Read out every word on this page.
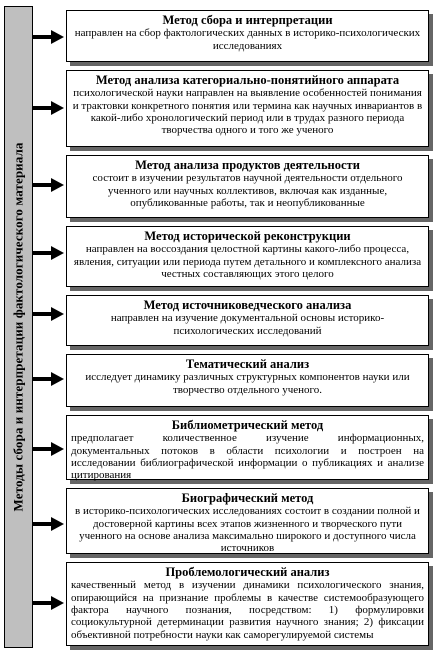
Методы сбора и интерпретации фактологического материала
Метод сбора и интерпретации
направлен на сбор фактологических данных в историко-психологических исследованиях
Метод анализа категориально-понятийного аппарата
психологической науки направлен на выявление особенностей понимания и трактовки конкретного понятия или термина как научных инвариантов в какой-либо хронологический период или в трудах разного периода творчества одного и того же ученого
Метод анализа продуктов деятельности
состоит в изучении результатов научной деятельности отдельного ученного или научных коллективов, включая как изданные, опубликованные работы, так и неопубликованные
Метод исторической реконструкции
направлен на воссоздания целостной картины какого-либо процесса, явления, ситуации или периода путем детального и комплексного анализа честных составляющих этого целого
Метод источниковедческого анализа
направлен на изучение документальной основы историко-психологических исследований
Тематический анализ
исследует динамику различных структурных компонентов науки или творчество отдельного ученого.
Библиометрический метод
предполагает количественное изучение информационных, документальных потоков в области психологии и построен на исследовании библиографической информации о публикациях и анализе цитирования
Биографический метод
в историко-психологических исследованиях состоит в создании полной и достоверной картины всех этапов жизненного и творческого пути ученного на основе анализа максимально широкого и доступного числа источников
Проблемологический анализ
качественный метод в изучении динамики психологического знания, опирающийся на признание проблемы в качестве системообразующего фактора научного познания, посредством: 1) формулировки социокультурной детерминации развития научного знания; 2) фиксации объективной потребности науки как саморегулируемой системы
